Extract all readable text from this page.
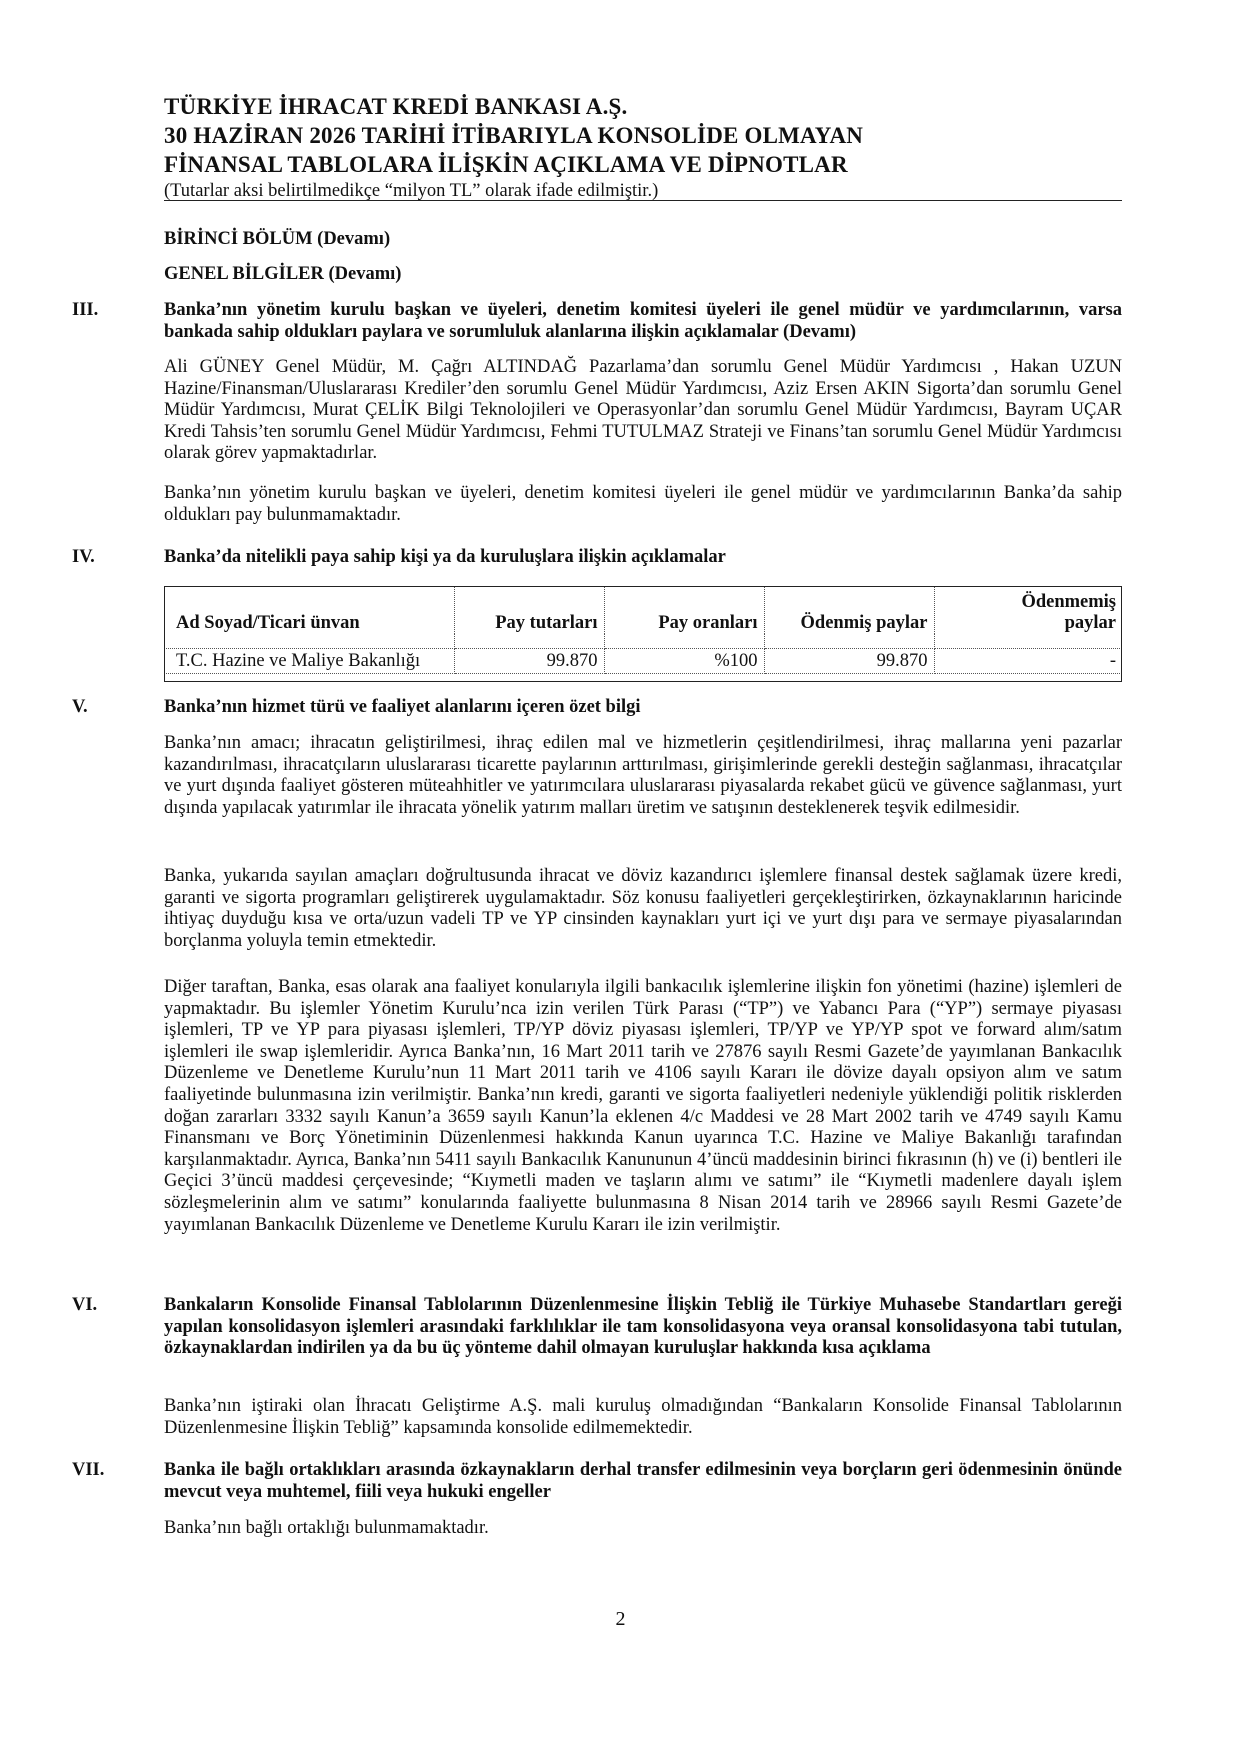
TÜRKİYE İHRACAT KREDİ BANKASI A.Ş.
30 HAZİRAN 2026 TARİHİ İTİBARIYLA KONSOLİDE OLMAYAN
FİNANSAL TABLOLARA İLİŞKİN AÇIKLAMA VE DİPNOTLAR
(Tutarlar aksi belirtilmedikçe “milyon TL” olarak ifade edilmiştir.)
BİRİNCİ BÖLÜM (Devamı)
GENEL BİLGİLER (Devamı)
III.	Banka’nın yönetim kurulu başkan ve üyeleri, denetim komitesi üyeleri ile genel müdür ve yardımcılarının, varsa bankada sahip oldukları paylara ve sorumluluk alanlarına ilişkin açıklamalar (Devamı)

Ali GÜNEY Genel Müdür, M. Çağrı ALTINDAĞ Pazarlama’dan sorumlu Genel Müdür Yardımcısı , Hakan UZUN Hazine/Finansman/Uluslararası Krediler’den sorumlu Genel Müdür Yardımcısı, Aziz Ersen AKIN Sigorta’dan sorumlu Genel Müdür Yardımcısı, Murat ÇELİK Bilgi Teknolojileri ve Operasyonlar’dan sorumlu Genel Müdür Yardımcısı, Bayram UÇAR Kredi Tahsis’ten sorumlu Genel Müdür Yardımcısı, Fehmi TUTULMAZ Strateji ve Finans’tan sorumlu Genel Müdür Yardımcısı olarak görev yapmaktadırlar.

Banka’nın yönetim kurulu başkan ve üyeleri, denetim komitesi üyeleri ile genel müdür ve yardımcılarının Banka’da sahip oldukları pay bulunmamaktadır.

IV.	Banka’da nitelikli paya sahip kişi ya da kuruluşlara ilişkin açıklamalar
Ad Soyad/Ticari ünvan	Pay tutarları	Pay oranları	Ödenmiş paylar	Ödenmemiş
paylar

T.C. Hazine ve Maliye Bakanlığı	99.870	%100	99.870	-
V.	Banka’nın hizmet türü ve faaliyet alanlarını içeren özet bilgi

Banka’nın amacı; ihracatın geliştirilmesi, ihraç edilen mal ve hizmetlerin çeşitlendirilmesi, ihraç mallarına yeni pazarlar kazandırılması, ihracatçıların uluslararası ticarette paylarının arttırılması, girişimlerinde gerekli desteğin sağlanması, ihracatçılar ve yurt dışında faaliyet gösteren müteahhitler ve yatırımcılara uluslararası piyasalarda rekabet gücü ve güvence sağlanması, yurt dışında yapılacak yatırımlar ile ihracata yönelik yatırım malları üretim ve satışının desteklenerek teşvik edilmesidir.

Banka, yukarıda sayılan amaçları doğrultusunda ihracat ve döviz kazandırıcı işlemlere finansal destek sağlamak üzere kredi, garanti ve sigorta programları geliştirerek uygulamaktadır. Söz konusu faaliyetleri gerçekleştirirken, özkaynaklarının haricinde ihtiyaç duyduğu kısa ve orta/uzun vadeli TP ve YP cinsinden kaynakları yurt içi ve yurt dışı para ve sermaye piyasalarından borçlanma yoluyla temin etmektedir.

Diğer taraftan, Banka, esas olarak ana faaliyet konularıyla ilgili bankacılık işlemlerine ilişkin fon yönetimi (hazine) işlemleri de yapmaktadır. Bu işlemler Yönetim Kurulu’nca izin verilen Türk Parası (“TP”) ve Yabancı Para (“YP”) sermaye piyasası işlemleri, TP ve YP para piyasası işlemleri, TP/YP döviz piyasası işlemleri, TP/YP ve YP/YP spot ve forward alım/satım işlemleri ile swap işlemleridir. Ayrıca Banka’nın, 16 Mart 2011 tarih ve 27876 sayılı Resmi Gazete’de yayımlanan Bankacılık Düzenleme ve Denetleme Kurulu’nun 11 Mart 2011 tarih ve 4106 sayılı Kararı ile dövize dayalı opsiyon alım ve satım faaliyetinde bulunmasına izin verilmiştir. Banka’nın kredi, garanti ve sigorta faaliyetleri nedeniyle yüklendiği politik risklerden doğan zararları 3332 sayılı Kanun’a 3659 sayılı Kanun’la eklenen 4/c Maddesi ve 28 Mart 2002 tarih ve 4749 sayılı Kamu Finansmanı ve Borç Yönetiminin Düzenlenmesi hakkında Kanun uyarınca T.C. Hazine ve Maliye Bakanlığı tarafından karşılanmaktadır. Ayrıca, Banka’nın 5411 sayılı Bankacılık Kanununun 4’üncü maddesinin birinci fıkrasının (h) ve (i) bentleri ile Geçici 3’üncü maddesi çerçevesinde; “Kıymetli maden ve taşların alımı ve satımı” ile “Kıymetli madenlere dayalı işlem sözleşmelerinin alım ve satımı” konularında faaliyette bulunmasına 8 Nisan 2014 tarih ve 28966 sayılı Resmi Gazete’de yayımlanan Bankacılık Düzenleme ve Denetleme Kurulu Kararı ile izin verilmiştir.

VI.	Bankaların Konsolide Finansal Tablolarının Düzenlenmesine İlişkin Tebliğ ile Türkiye Muhasebe Standartları gereği yapılan konsolidasyon işlemleri arasındaki farklılıklar ile tam konsolidasyona veya oransal konsolidasyona tabi tutulan, özkaynaklardan indirilen ya da bu üç yönteme dahil olmayan kuruluşlar hakkında kısa açıklama

Banka’nın iştiraki olan İhracatı Geliştirme A.Ş. mali kuruluş olmadığından “Bankaların Konsolide Finansal Tablolarının Düzenlenmesine İlişkin Tebliğ” kapsamında konsolide edilmemektedir.

VII.	Banka ile bağlı ortaklıkları arasında özkaynakların derhal transfer edilmesinin veya borçların geri ödenmesinin önünde mevcut veya muhtemel, fiili veya hukuki engeller

Banka’nın bağlı ortaklığı bulunmamaktadır.

2
